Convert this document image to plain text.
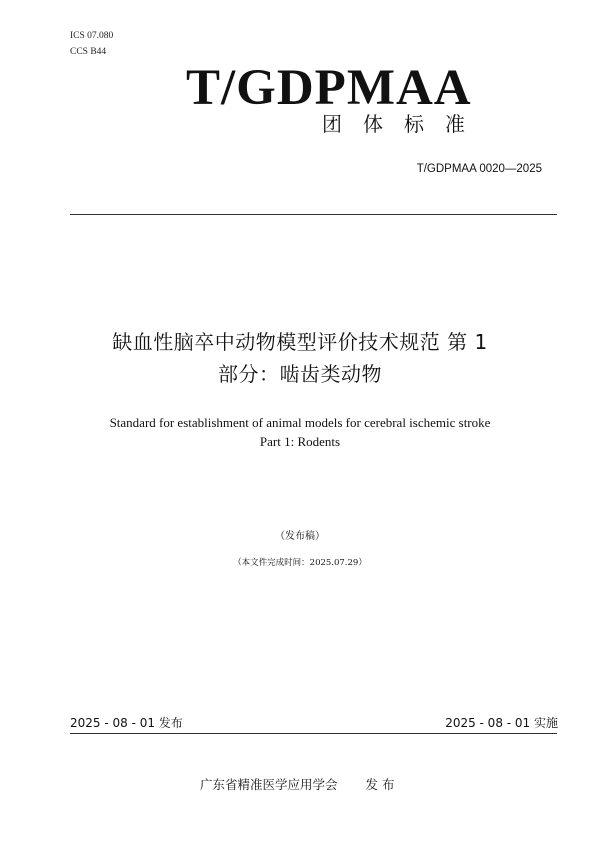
ICS 07.080
CCS B44
T/GDPMAA
团体标准
T/GDPMAA 0020—2025
缺血性脑卒中动物模型评价技术规范 第 1
部分：啮齿类动物
Standard for establishment of animal models for cerebral ischemic stroke
Part 1: Rodents
（发布稿）
（本文件完成时间：2025.07.29）
2025 - 08 - 01 发布	2025 - 08 - 01 实施
广东省精准医学应用学会 发 布
